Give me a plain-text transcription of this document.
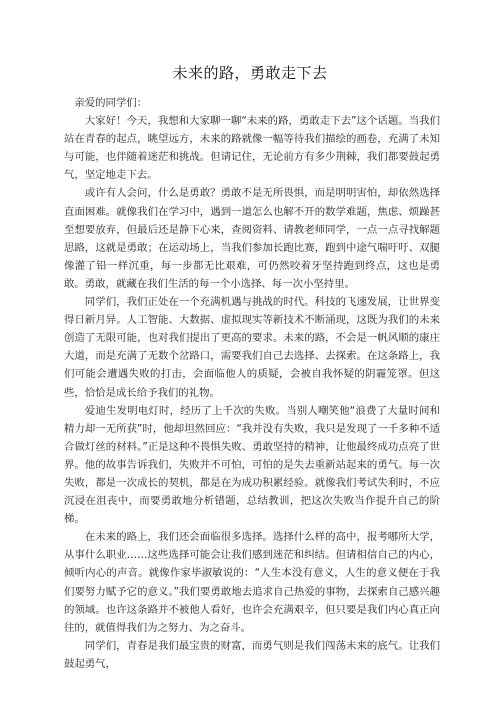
未来的路，勇敢走下去

亲爱的同学们：

大家好！今天，我想和大家聊一聊“未来的路，勇敢走下去”这个话题。当我们站在青春的起点，眺望远方，未来的路就像一幅等待我们描绘的画卷，充满了未知与可能，也伴随着迷茫和挑战。但请记住，无论前方有多少荆棘，我们都要鼓起勇气，坚定地走下去。

或许有人会问，什么是勇敢？勇敢不是无所畏惧，而是明明害怕，却依然选择直面困难。就像我们在学习中，遇到一道怎么也解不开的数学难题，焦虑、烦躁甚至想要放弃，但最后还是静下心来，查阅资料、请教老师同学，一点一点寻找解题思路，这就是勇敢；在运动场上，当我们参加长跑比赛，跑到中途气喘吁吁、双腿像灌了铅一样沉重，每一步都无比艰难，可仍然咬着牙坚持跑到终点，这也是勇敢。勇敢，就藏在我们生活的每一个小选择、每一次小坚持里。

同学们，我们正处在一个充满机遇与挑战的时代。科技的飞速发展，让世界变得日新月异。人工智能、大数据、虚拟现实等新技术不断涌现，这既为我们的未来创造了无限可能，也对我们提出了更高的要求。未来的路，不会是一帆风顺的康庄大道，而是充满了无数个岔路口，需要我们自己去选择、去探索。在这条路上，我们可能会遭遇失败的打击，会面临他人的质疑，会被自我怀疑的阴霾笼罩。但这些，恰恰是成长给予我们的礼物。

爱迪生发明电灯时，经历了上千次的失败。当别人嘲笑他“浪费了大量时间和精力却一无所获”时，他却坦然回应：“我并没有失败，我只是发现了一千多种不适合做灯丝的材料。”正是这种不畏惧失败、勇敢坚持的精神，让他最终成功点亮了世界。他的故事告诉我们，失败并不可怕，可怕的是失去重新站起来的勇气。每一次失败，都是一次成长的契机，都是在为成功积累经验。就像我们考试失利时，不应沉浸在沮丧中，而要勇敢地分析错题，总结教训，把这次失败当作提升自己的阶梯。

在未来的路上，我们还会面临很多选择。选择什么样的高中，报考哪所大学，从事什么职业……这些选择可能会让我们感到迷茫和纠结。但请相信自己的内心，倾听内心的声音。就像作家毕淑敏说的：“人生本没有意义，人生的意义便在于我们要努力赋予它的意义。”我们要勇敢地去追求自己热爱的事物，去探索自己感兴趣的领域。也许这条路并不被他人看好，也许会充满艰辛，但只要是我们内心真正向往的，就值得我们为之努力、为之奋斗。

同学们，青春是我们最宝贵的财富，而勇气则是我们闯荡未来的底气。让我们鼓起勇气，
